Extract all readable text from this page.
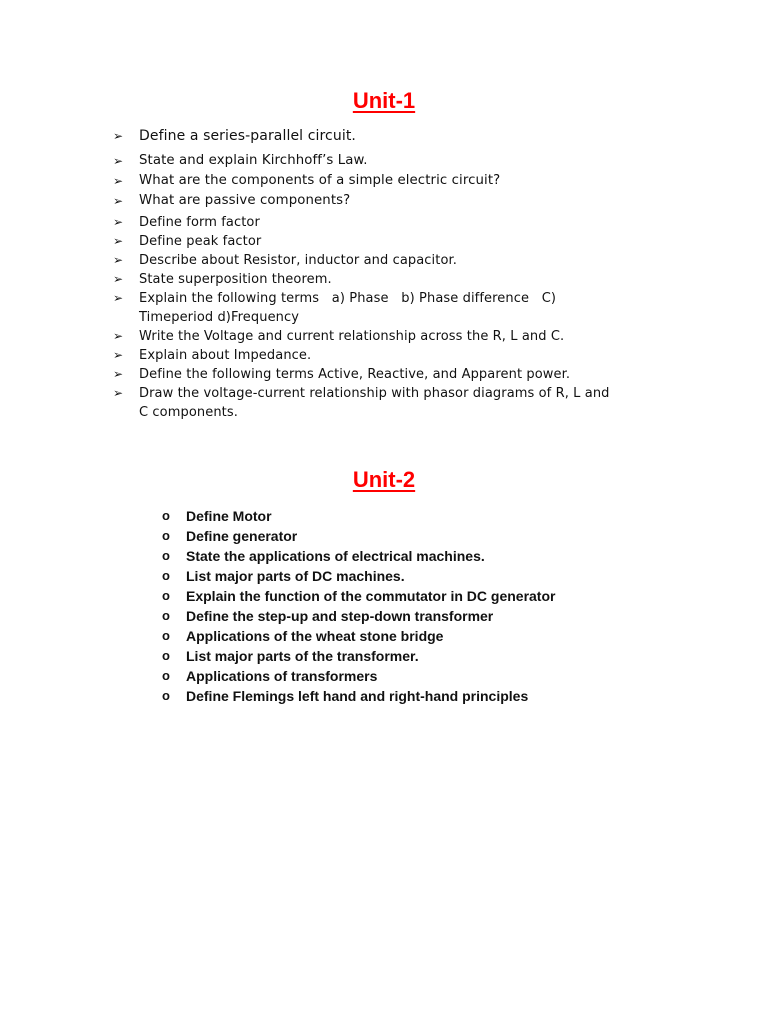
Unit-1
➢ Define a series-parallel circuit.
➢ State and explain Kirchhoff’s Law.
➢ What are the components of a simple electric circuit?
➢ What are passive components?
➢ Define form factor
➢ Define peak factor
➢ Describe about Resistor, inductor and capacitor.
➢ State superposition theorem.
➢ Explain the following terms   a) Phase   b) Phase difference   C) Timeperiod d)Frequency
➢ Write the Voltage and current relationship across the R, L and C.
➢ Explain about Impedance.
➢ Define the following terms Active, Reactive, and Apparent power.
➢ Draw the voltage-current relationship with phasor diagrams of R, L and C components.
Unit-2
o Define Motor
o Define generator
o State the applications of electrical machines.
o List major parts of DC machines.
o Explain the function of the commutator in DC generator
o Define the step-up and step-down transformer
o Applications of the wheat stone bridge
o List major parts of the transformer.
o Applications of transformers
o Define Flemings left hand and right-hand principles
